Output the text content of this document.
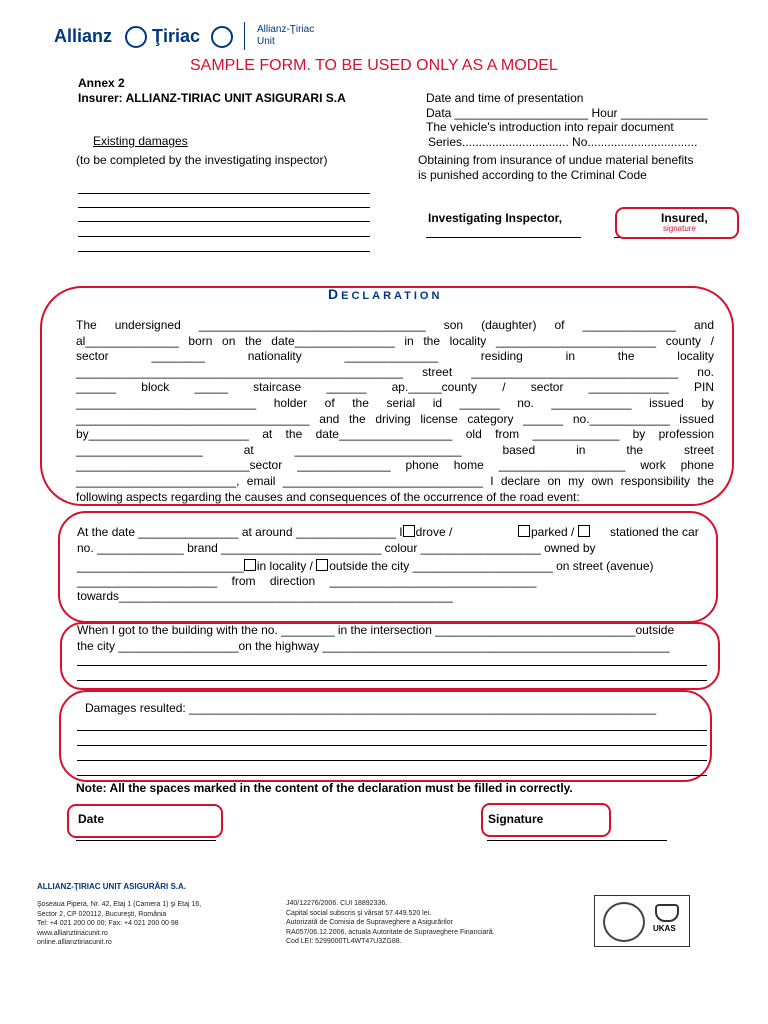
Allianz Ţiriac	Allianz-Ţiriac
Unit
SAMPLE FORM. TO BE USED ONLY AS A MODEL
Annex 2
Insurer: ALLIANZ-TIRIAC UNIT ASIGURARI S.A
Existing damages
(to be completed by the investigating inspector)
Date and time of presentation
Data ____________________ Hour _____________
The vehicle's introduction into repair document
Series................................ No.................................
Obtaining from insurance of undue material benefits
is punished according to the Criminal Code
Investigating Inspector,	Insured,
signature
DECLARATION

The undersigned __________________________________ son (daughter) of ______________ and

al______________ born on the date_______________ in the locality ________________________ county /

sector ________ nationality ______________ residing in the locality

_________________________________________________ street _______________________________ no.

______ block _____ staircase ______ ap._____county / sector ____________ PIN

___________________________ holder of the serial id ______ no. ____________ issued by

___________________________________ and the driving license category ______ no.____________ issued

by________________________ at the date_________________ old from _____________ by profession

___________________ at _________________________ based in the street

__________________________sector ______________ phone home ___________________ work phone

________________________, email ______________________________ I declare on my own responsibility the

following aspects regarding the causes and consequences of the occurrence of the road event:

At the date _______________ at around _______________ I drove /	parked /	stationed the car
no. _____________ brand ________________________ colour __________________ owned by
_________________________ in locality / outside the city _____________________ on street (avenue)
_____________________ from direction _______________________________
towards__________________________________________________
When I got to the building with the no. ________ in the intersection ______________________________outside
the city __________________on the highway ____________________________________________________
Damages resulted: ______________________________________________________________________
Note: All the spaces marked in the content of the declaration must be filled in correctly.
Date	Signature
ALLIANZ-ŢIRIAC UNIT ASIGURĂRI S.A.
Şoseaua Pipera, Nr. 42, Etaj 1 (Camera 1) şi Etaj 16,
Sector 2, CP 020112, Bucureşti, România
Tel: +4 021 200 00 00; Fax: +4 021 200 00 98
www.allianztiriacunit.ro
online.allianztiriacunit.ro
J40/12276/2006. CUI 18892336.
Capital social subscris şi vărsat 57.449.520 lei.
Autorizată de Comisia de Supraveghere a Asigurărilor
RA057/06.12.2006, actuala Autoritate de Supraveghere Financiară.
Cod LEI: 5299000TL4WT47U3ZG88.
UKAS
